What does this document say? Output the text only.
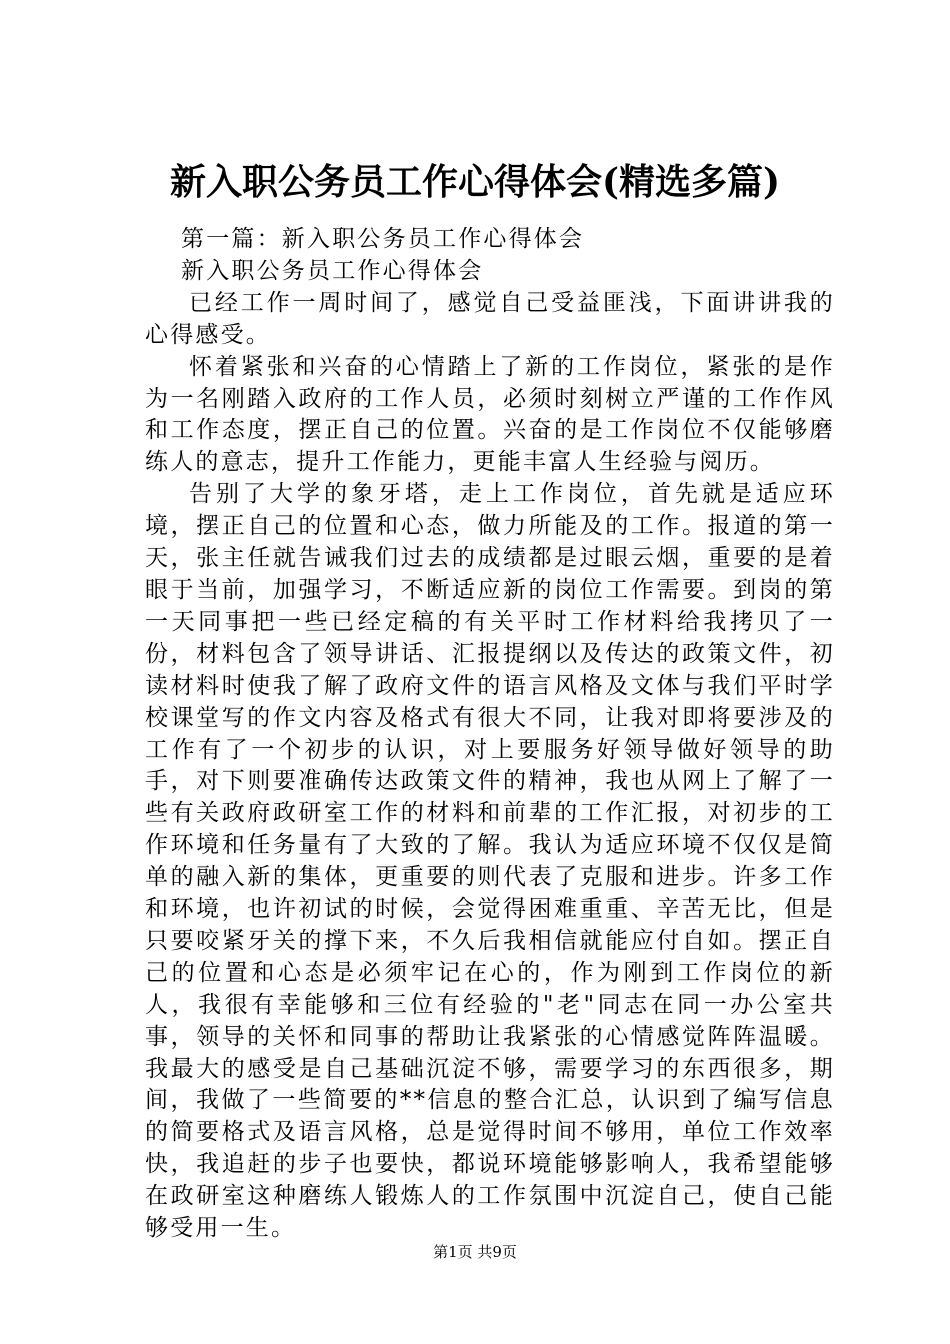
新入职公务员工作心得体会(精选多篇)

第一篇：新入职公务员工作心得体会

新入职公务员工作心得体会

已经工作一周时间了，感觉自己受益匪浅，下面讲讲我的心得感受。

怀着紧张和兴奋的心情踏上了新的工作岗位，紧张的是作为一名刚踏入政府的工作人员，必须时刻树立严谨的工作作风和工作态度，摆正自己的位置。兴奋的是工作岗位不仅能够磨练人的意志，提升工作能力，更能丰富人生经验与阅历。

告别了大学的象牙塔，走上工作岗位，首先就是适应环境，摆正自己的位置和心态，做力所能及的工作。报道的第一天，张主任就告诫我们过去的成绩都是过眼云烟，重要的是着眼于当前，加强学习，不断适应新的岗位工作需要。到岗的第一天同事把一些已经定稿的有关平时工作材料给我拷贝了一份，材料包含了领导讲话、汇报提纲以及传达的政策文件，初读材料时使我了解了政府文件的语言风格及文体与我们平时学校课堂写的作文内容及格式有很大不同，让我对即将要涉及的工作有了一个初步的认识，对上要服务好领导做好领导的助手，对下则要准确传达政策文件的精神，我也从网上了解了一些有关政府政研室工作的材料和前辈的工作汇报，对初步的工作环境和任务量有了大致的了解。我认为适应环境不仅仅是简单的融入新的集体，更重要的则代表了克服和进步。许多工作和环境，也许初试的时候，会觉得困难重重、辛苦无比，但是只要咬紧牙关的撑下来，不久后我相信就能应付自如。摆正自己的位置和心态是必须牢记在心的，作为刚到工作岗位的新人，我很有幸能够和三位有经验的"老"同志在同一办公室共事，领导的关怀和同事的帮助让我紧张的心情感觉阵阵温暖。我最大的感受是自己基础沉淀不够，需要学习的东西很多，期间，我做了一些简要的**信息的整合汇总，认识到了编写信息的简要格式及语言风格，总是觉得时间不够用，单位工作效率快，我追赶的步子也要快，都说环境能够影响人，我希望能够在政研室这种磨练人锻炼人的工作氛围中沉淀自己，使自己能够受用一生。

第1页 共9页
